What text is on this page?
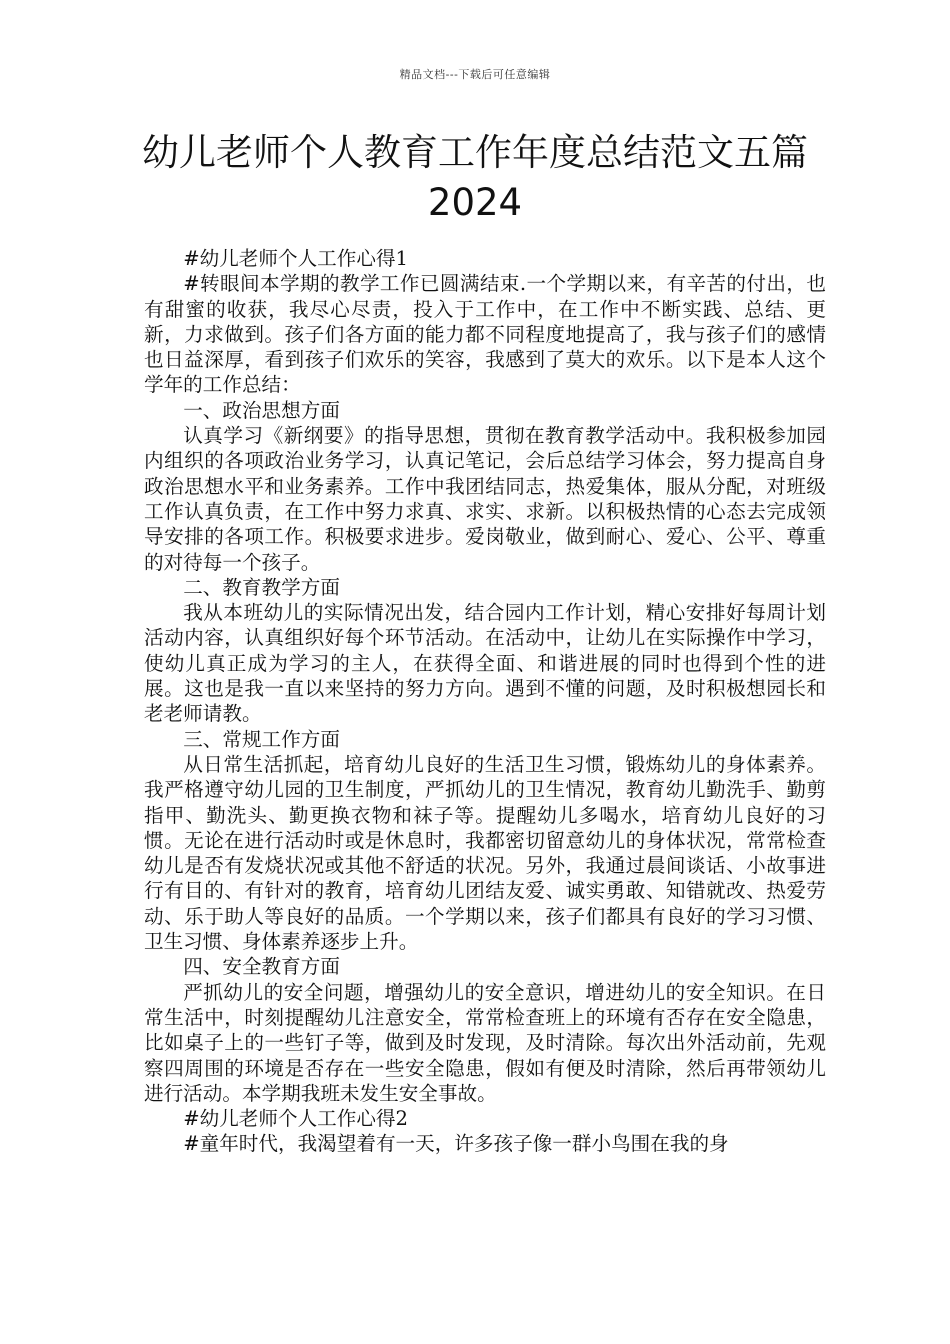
精品文档---下载后可任意编辑
幼儿老师个人教育工作年度总结范文五篇2024

#幼儿老师个人工作心得1

#转眼间本学期的教学工作已圆满结束.一个学期以来，有辛苦的付出，也有甜蜜的收获，我尽心尽责，投入于工作中，在工作中不断实践、总结、更新，力求做到。孩子们各方面的能力都不同程度地提高了，我与孩子们的感情也日益深厚，看到孩子们欢乐的笑容，我感到了莫大的欢乐。以下是本人这个学年的工作总结：

一、政治思想方面

认真学习《新纲要》的指导思想，贯彻在教育教学活动中。我积极参加园内组织的各项政治业务学习，认真记笔记，会后总结学习体会，努力提高自身政治思想水平和业务素养。工作中我团结同志，热爱集体，服从分配，对班级工作认真负责，在工作中努力求真、求实、求新。以积极热情的心态去完成领导安排的各项工作。积极要求进步。爱岗敬业，做到耐心、爱心、公平、尊重的对待每一个孩子。

二、教育教学方面

我从本班幼儿的实际情况出发，结合园内工作计划，精心安排好每周计划活动内容，认真组织好每个环节活动。在活动中，让幼儿在实际操作中学习，使幼儿真正成为学习的主人，在获得全面、和谐进展的同时也得到个性的进展。这也是我一直以来坚持的努力方向。遇到不懂的问题，及时积极想园长和老老师请教。

三、常规工作方面

从日常生活抓起，培育幼儿良好的生活卫生习惯，锻炼幼儿的身体素养。我严格遵守幼儿园的卫生制度，严抓幼儿的卫生情况，教育幼儿勤洗手、勤剪指甲、勤洗头、勤更换衣物和袜子等。提醒幼儿多喝水，培育幼儿良好的习惯。无论在进行活动时或是休息时，我都密切留意幼儿的身体状况，常常检查幼儿是否有发烧状况或其他不舒适的状况。另外，我通过晨间谈话、小故事进行有目的、有针对的教育，培育幼儿团结友爱、诚实勇敢、知错就改、热爱劳动、乐于助人等良好的品质。一个学期以来，孩子们都具有良好的学习习惯、卫生习惯、身体素养逐步上升。

四、安全教育方面

严抓幼儿的安全问题，增强幼儿的安全意识，增进幼儿的安全知识。在日常生活中，时刻提醒幼儿注意安全，常常检查班上的环境有否存在安全隐患，比如桌子上的一些钉子等，做到及时发现，及时清除。每次出外活动前，先观察四周围的环境是否存在一些安全隐患，假如有便及时清除，然后再带领幼儿进行活动。本学期我班未发生安全事故。

#幼儿老师个人工作心得2

#童年时代，我渴望着有一天，许多孩子像一群小鸟围在我的身
